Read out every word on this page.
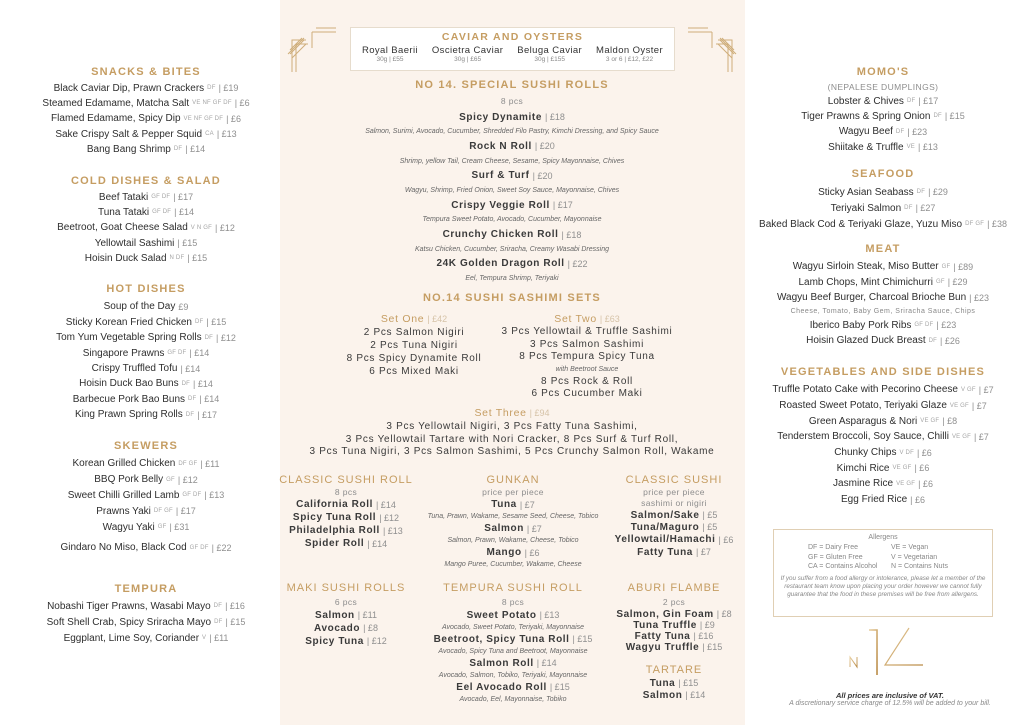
CAVIAR AND OYSTERS
Royal Baerii
30g | £55
Oscietra Caviar
30g | £65
Beluga Caviar
30g | £155
Maldon Oyster
3 or 6 | £12, £22
SNACKS & BITES
Black Caviar Dip, Prawn Crackers DF | £19
Steamed Edamame, Matcha Salt VE NF GF DF | £6
Flamed Edamame, Spicy Dip VE NF GF DF | £6
Sake Crispy Salt & Pepper Squid CA | £13
Bang Bang Shrimp DF | £14
COLD DISHES & SALAD
Beef Tataki GF DF | £17
Tuna Tataki GF DF | £14
Beetroot, Goat Cheese Salad V N GF | £12
Yellowtail Sashimi | £15
Hoisin Duck Salad N DF | £15
HOT DISHES
Soup of the Day £9
Sticky Korean Fried Chicken DF | £15
Tom Yum Vegetable Spring Rolls DF | £12
Singapore Prawns GF DF | £14
Crispy Truffled Tofu | £14
Hoisin Duck Bao Buns DF | £14
Barbecue Pork Bao Buns DF | £14
King Prawn Spring Rolls DF | £17
SKEWERS
Korean Grilled Chicken DF GF | £11
BBQ Pork Belly GF | £12
Sweet Chilli Grilled Lamb GF DF | £13
Prawns Yaki DF GF | £17
Wagyu Yaki GF | £31
Gindaro No Miso, Black Cod GF DF | £22
TEMPURA
Nobashi Tiger Prawns, Wasabi Mayo DF | £16
Soft Shell Crab, Spicy Sriracha Mayo DF | £15
Eggplant, Lime Soy, Coriander V | £11
NO 14. SPECIAL SUSHI ROLLS
8 pcs
Spicy Dynamite | £18
Salmon, Surimi, Avocado, Cucumber, Shredded Filo Pastry, Kimchi Dressing, and Spicy Sauce
Rock N Roll | £20
Shrimp, yellow Tail, Cream Cheese, Sesame, Spicy Mayonnaise, Chives
Surf & Turf | £20
Wagyu, Shrimp, Fried Onion, Sweet Soy Sauce, Mayonnaise, Chives
Crispy Veggie Roll | £17
Tempura Sweet Potato, Avocado, Cucumber, Mayonnaise
Crunchy Chicken Roll | £18
Katsu Chicken, Cucumber, Sriracha, Creamy Wasabi Dressing
24K Golden Dragon Roll | £22
Eel, Tempura Shrimp, Teriyaki
NO.14 SUSHI SASHIMI SETS
Set One | £42
2 Pcs Salmon Nigiri
2 Pcs Tuna Nigiri
8 Pcs Spicy Dynamite Roll
6 Pcs Mixed Maki
Set Two | £63
3 Pcs Yellowtail & Truffle Sashimi
3 Pcs Salmon Sashimi
8 Pcs Tempura Spicy Tuna
with Beetroot Sauce
8 Pcs Rock & Roll
6 Pcs Cucumber Maki
Set Three | £94
3 Pcs Yellowtail Nigiri, 3 Pcs Fatty Tuna Sashimi,
3 Pcs Yellowtail Tartare with Nori Cracker, 8 Pcs Surf & Turf Roll,
3 Pcs Tuna Nigiri, 3 Pcs Salmon Sashimi, 5 Pcs Crunchy Salmon Roll, Wakame
CLASSIC SUSHI ROLL
8 pcs
California Roll | £14
Spicy Tuna Roll | £12
Philadelphia Roll | £13
Spider Roll | £14
GUNKAN
price per piece
Tuna | £7
Tuna, Prawn, Wakame, Sesame Seed, Cheese, Tobico
Salmon | £7
Salmon, Prawn, Wakame, Cheese, Tobico
Mango | £6
Mango Puree, Cucumber, Wakame, Cheese
CLASSIC SUSHI
price per piece
sashimi or nigiri
Salmon/Sake | £5
Tuna/Maguro | £5
Yellowtail/Hamachi | £6
Fatty Tuna | £7
MAKI SUSHI ROLLS
6 pcs
Salmon | £11
Avocado | £8
Spicy Tuna | £12
TEMPURA SUSHI ROLL
8 pcs
Sweet Potato | £13
Avocado, Sweet Potato, Teriyaki, Mayonnaise
Beetroot, Spicy Tuna Roll | £15
Avocado, Spicy Tuna and Beetroot, Mayonnaise
Salmon Roll | £14
Avocado, Salmon, Tobiko, Teriyaki, Mayonnaise
Eel Avocado Roll | £15
Avocado, Eel, Mayonnaise, Tobiko
ABURI FLAMBE
2 pcs
Salmon, Gin Foam | £8
Tuna Truffle | £9
Fatty Tuna | £16
Wagyu Truffle | £15
TARTARE
Tuna | £15
Salmon | £14
MOMO'S
(NEPALESE DUMPLINGS)
Lobster & Chives DF | £17
Tiger Prawns & Spring Onion DF | £15
Wagyu Beef DF | £23
Shiitake & Truffle VE | £13
SEAFOOD
Sticky Asian Seabass DF | £29
Teriyaki Salmon DF | £27
Baked Black Cod & Teriyaki Glaze, Yuzu Miso DF GF | £38
MEAT
Wagyu Sirloin Steak, Miso Butter GF | £89
Lamb Chops, Mint Chimichurri GF | £29
Wagyu Beef Burger, Charcoal Brioche Bun | £23
Cheese, Tomato, Baby Gem, Sriracha Sauce, Chips
Iberico Baby Pork Ribs GF DF | £23
Hoisin Glazed Duck Breast DF | £26
VEGETABLES AND SIDE DISHES
Truffle Potato Cake with Pecorino Cheese V GF | £7
Roasted Sweet Potato, Teriyaki Glaze VE GF | £7
Green Asparagus & Nori VE GF | £8
Tenderstem Broccoli, Soy Sauce, Chilli VE GF | £7
Chunky Chips V DF | £6
Kimchi Rice VE GF | £6
Jasmine Rice VE GF | £6
Egg Fried Rice | £6
Allergens
DF = Dairy Free	VE = Vegan
GF = Gluten Free	V = Vegetarian
CA = Contains Alcohol	N = Contains Nuts
If you suffer from a food allergy or intolerance, please let a member of the restaurant team know upon placing your order however we cannot fully guarantee that the food in these premises will be free from allergens.
All prices are inclusive of VAT.
A discretionary service charge of 12.5% will be added to your bill.
